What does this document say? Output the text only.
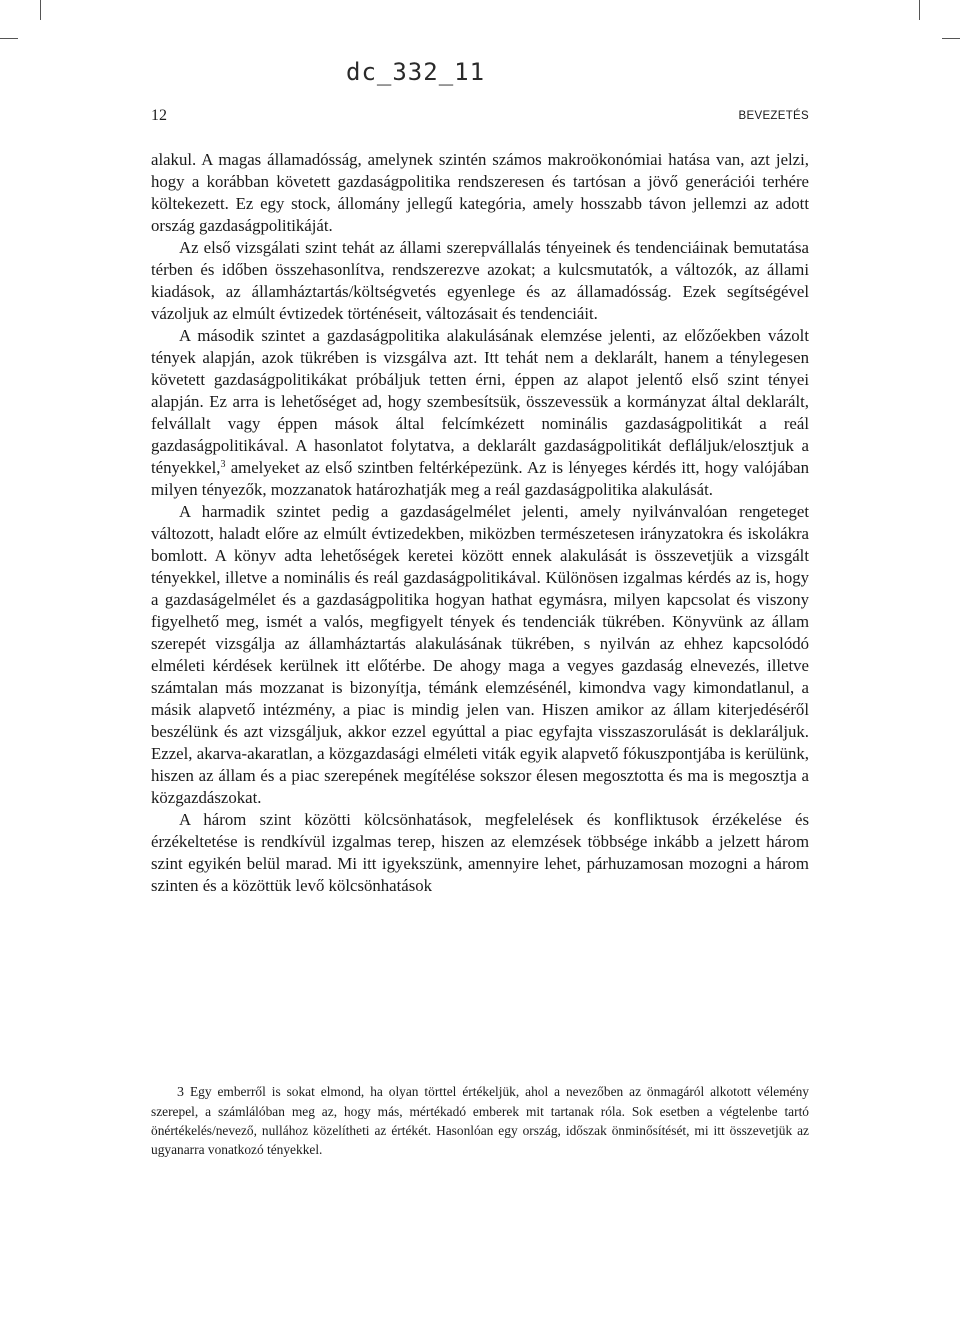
dc_332_11
12	BEVEZETÉS

alakul. A magas államadósság, amelynek szintén számos makroökonómiai hatása van, azt jelzi, hogy a korábban követett gazdaságpolitika rendszeresen és tartósan a jövő generációi terhére költekezett. Ez egy stock, állomány jellegű kategória, amely hosszabb távon jellemzi az adott ország gazdaságpolitikáját.

Az első vizsgálati szint tehát az állami szerepvállalás tényeinek és tendenciáinak bemutatása térben és időben összehasonlítva, rendszerezve azokat; a kulcsmutatók, a változók, az állami kiadások, az államháztartás/költségvetés egyenlege és az államadósság. Ezek segítségével vázoljuk az elmúlt évtizedek történéseit, változásait és tendenciáit.

A második szintet a gazdaságpolitika alakulásának elemzése jelenti, az előzőekben vázolt tények alapján, azok tükrében is vizsgálva azt. Itt tehát nem a deklarált, hanem a ténylegesen követett gazdaságpolitikákat próbáljuk tetten érni, éppen az alapot jelentő első szint tényei alapján. Ez arra is lehetőséget ad, hogy szembesítsük, összevessük a kormányzat által deklarált, felvállalt vagy éppen mások által felcímkézett nominális gazdaságpolitikát a reál gazdaságpolitikával. A hasonlatot folytatva, a deklarált gazdaságpolitikát defláljuk/elosztjuk a tényekkel,$^3$ amelyeket az első szintben feltérképezünk. Az is lényeges kérdés itt, hogy valójában milyen tényezők, mozzanatok határozhatják meg a reál gazdaságpolitika alakulását.

A harmadik szintet pedig a gazdaságelmélet jelenti, amely nyilvánvalóan rengeteget változott, haladt előre az elmúlt évtizedekben, miközben természetesen irányzatokra és iskolákra bomlott. A könyv adta lehetőségek keretei között ennek alakulását is összevetjük a vizsgált tényekkel, illetve a nominális és reál gazdaságpolitikával. Különösen izgalmas kérdés az is, hogy a gazdaságelmélet és a gazdaságpolitika hogyan hathat egymásra, milyen kapcsolat és viszony figyelhető meg, ismét a valós, megfigyelt tények és tendenciák tükrében. Könyvünk az állam szerepét vizsgálja az államháztartás alakulásának tükrében, s nyilván az ehhez kapcsolódó elméleti kérdések kerülnek itt előtérbe. De ahogy maga a vegyes gazdaság elnevezés, illetve számtalan más mozzanat is bizonyítja, témánk elemzésénél, kimondva vagy kimondatlanul, a másik alapvető intézmény, a piac is mindig jelen van. Hiszen amikor az állam kiterjedéséről beszélünk és azt vizsgáljuk, akkor ezzel egyúttal a piac egyfajta visszaszorulását is deklaráljuk. Ezzel, akarva-akaratlan, a közgazdasági elméleti viták egyik alapvető fókuszpontjába is kerülünk, hiszen az állam és a piac szerepének megítélése sokszor élesen megosztotta és ma is megosztja a közgazdászokat.

A három szint közötti kölcsönhatások, megfelelések és konfliktusok érzékelése és érzékeltetése is rendkívül izgalmas terep, hiszen az elemzések többsége inkább a jelzett három szint egyikén belül marad. Mi itt igyekszünk, amennyire lehet, párhuzamosan mozogni a három szinten és a közöttük levő kölcsönhatások

3 Egy emberről is sokat elmond, ha olyan törttel értékeljük, ahol a nevezőben az önmagáról alkotott vélemény szerepel, a számlálóban meg az, hogy más, mértékadó emberek mit tartanak róla. Sok esetben a végtelenbe tartó önértékelés/nevező, nullához közelítheti az értékét. Hasonlóan egy ország, időszak önminősítését, mi itt összevetjük az ugyanarra vonatkozó tényekkel.
